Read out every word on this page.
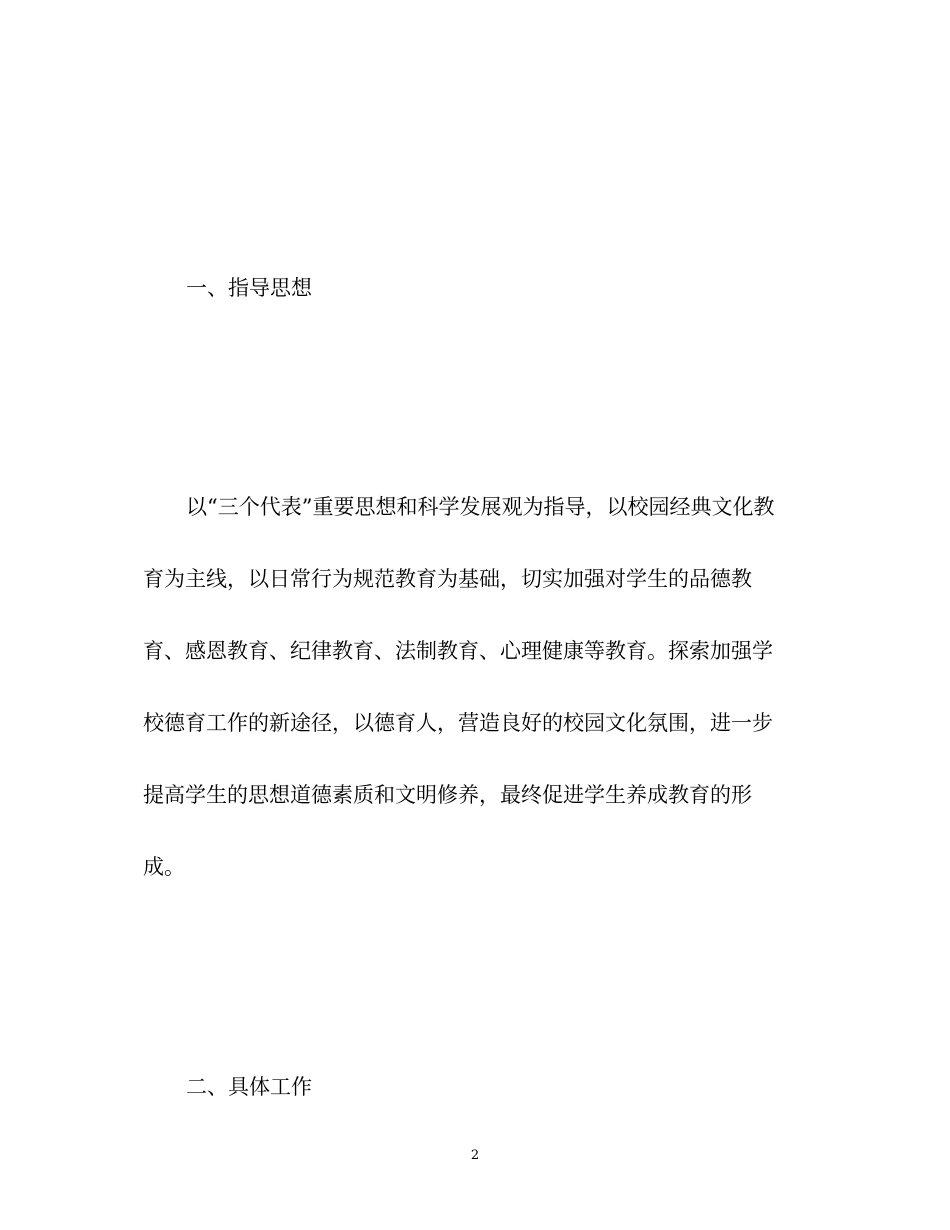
一、指导思想
以“三个代表”重要思想和科学发展观为指导，以校园经典文化教
育为主线，以日常行为规范教育为基础，切实加强对学生的品德教
育、感恩教育、纪律教育、法制教育、心理健康等教育。探索加强学
校德育工作的新途径，以德育人，营造良好的校园文化氛围，进一步
提高学生的思想道德素质和文明修养，最终促进学生养成教育的形
成。
二、具体工作
2
